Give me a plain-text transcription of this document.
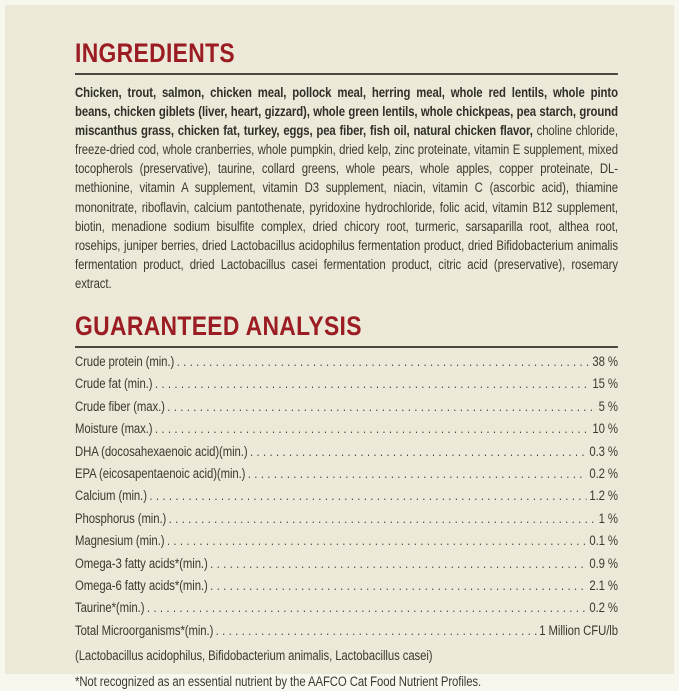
INGREDIENTS

Chicken, trout, salmon, chicken meal, pollock meal, herring meal, whole red lentils, whole pinto beans, chicken giblets (liver, heart, gizzard), whole green lentils, whole chickpeas, pea starch, ground miscanthus grass, chicken fat, turkey, eggs, pea fiber, fish oil, natural chicken flavor, choline chloride, freeze-dried cod, whole cranberries, whole pumpkin, dried kelp, zinc proteinate, vitamin E supplement, mixed tocopherols (preservative), taurine, collard greens, whole pears, whole apples, copper proteinate, DL-methionine, vitamin A supplement, vitamin D3 supplement, niacin, vitamin C (ascorbic acid), thiamine mononitrate, riboflavin, calcium pantothenate, pyridoxine hydrochloride, folic acid, vitamin B12 supplement, biotin, menadione sodium bisulfite complex, dried chicory root, turmeric, sarsaparilla root, althea root, rosehips, juniper berries, dried Lactobacillus acidophilus fermentation product, dried Bifidobacterium animalis fermentation product, dried Lactobacillus casei fermentation product, citric acid (preservative), rosemary extract.

GUARANTEED ANALYSIS
Crude protein (min.) .....	38 %
Crude fat (min.) .....	15 %
Crude fiber (max.) .....	5 %
Moisture (max.) .....	10 %
DHA (docosahexaenoic acid)(min.) .....	0.3 %
EPA (eicosapentaenoic acid)(min.) .....	0.2 %
Calcium (min.) .....	1.2 %
Phosphorus (min.) .....	1 %
Magnesium (min.) .....	0.1 %
Omega-3 fatty acids*(min.) .....	0.9 %
Omega-6 fatty acids*(min.) .....	2.1 %
Taurine*(min.) .....	0.2 %
Total Microorganisms*(min.) .....	1 Million CFU/lb

(Lactobacillus acidophilus, Bifidobacterium animalis, Lactobacillus casei)

*Not recognized as an essential nutrient by the AAFCO Cat Food Nutrient Profiles.
